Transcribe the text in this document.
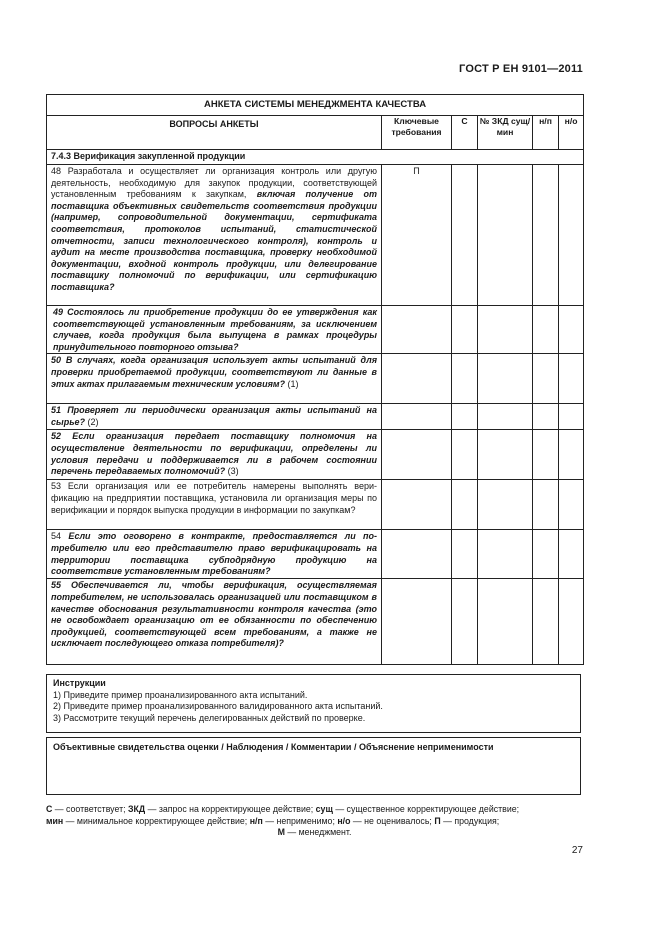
ГОСТ Р ЕН 9101—2011
АНКЕТА СИСТЕМЫ МЕНЕДЖМЕНТА КАЧЕСТВА					
ВОПРОСЫ АНКЕТЫ	Ключевые требования	С	№ ЗКД сущ/мин	н/п	н/о
7.4.3 Верификация закупленной продукции					
48 Разработала и осуществляет ли организация контроль или другую деятельность, необходимую для закупок продукции, соответствующей установленным требованиям к закупкам, включая получение от поставщика объективных свидетельств соответствия продукции (например, сопроводительной документации, сертификата соответствия, протоколов испытаний, статистической отчетности, записи технологического контроля), контроль и аудит на месте производства поставщика, проверку необходимой документации, входной контроль продукции, или делегирование поставщику полномочий по верификации, или сертификацию поставщика?	П				
49 Состоялось ли приобретение продукции до ее утверждения как соответствующей установленным требованиям, за исключением случаев, когда продукция была выпущена в рамках процедуры принудительного повторного отзыва?					
50 В случаях, когда организация использует акты испытаний для проверки приобретаемой продукции, соответствуют ли данные в этих актах прилагаемым техническим условиям? (1)					
51 Проверяет ли периодически организация акты испытаний на сырье? (2)					
52 Если организация передает поставщику полномочия на осуществление деятельности по верификации, определены ли условия передачи и поддерживается ли в рабочем состоянии перечень передаваемых полномочий? (3)					
53 Если организация или ее потребитель намерены выполнять верификацию на предприятии поставщика, установила ли организация меры по верификации и порядок выпуска продукции в информации по закупкам?					
54 Если это оговорено в контракте, предоставляется ли потребителю или его представителю право верификацировать на территории поставщика субподрядную продукцию на соответствие установленным требованиям?					
55 Обеспечивается ли, чтобы верификация, осуществляемая потребителем, не использовалась организацией или поставщиком в качестве обоснования результативности контроля качества (это не освобождает организацию от ее обязанности по обеспечению продукцией, соответствующей всем требованиям, а также не исключает последующего отказа потребителя)?					
Инструкции
1) Приведите пример проанализированного акта испытаний.
2) Приведите пример проанализированного валидированного акта испытаний.
3) Рассмотрите текущий перечень делегированных действий по проверке.
Объективные свидетельства оценки / Наблюдения / Комментарии / Объяснение неприменимости
С — соответствует; ЗКД — запрос на корректирующее действие; сущ — существенное корректирующее действие;
мин — минимальное корректирующее действие; н/п — неприменимо; н/о — не оценивалось; П — продукция;
М — менеджмент.
27
